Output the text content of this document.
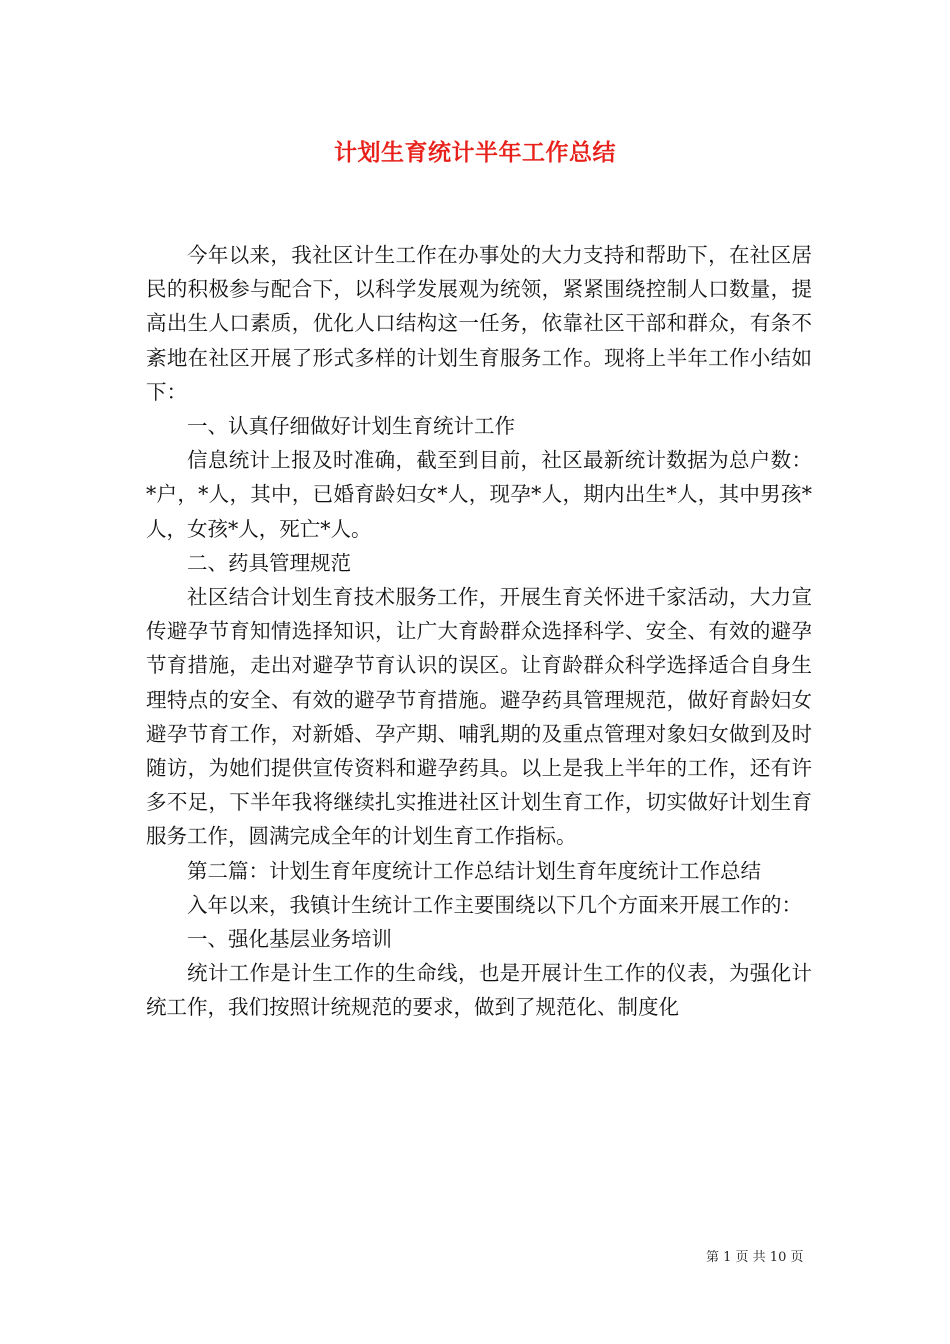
计划生育统计半年工作总结

今年以来，我社区计生工作在办事处的大力支持和帮助下，在社区居民的积极参与配合下，以科学发展观为统领，紧紧围绕控制人口数量，提高出生人口素质，优化人口结构这一任务，依靠社区干部和群众，有条不紊地在社区开展了形式多样的计划生育服务工作。现将上半年工作小结如下：

一、认真仔细做好计划生育统计工作

信息统计上报及时准确，截至到目前，社区最新统计数据为总户数：*户，*人，其中，已婚育龄妇女*人，现孕*人，期内出生*人，其中男孩*人，女孩*人，死亡*人。

二、药具管理规范

社区结合计划生育技术服务工作，开展生育关怀进千家活动，大力宣传避孕节育知情选择知识，让广大育龄群众选择科学、安全、有效的避孕节育措施，走出对避孕节育认识的误区。让育龄群众科学选择适合自身生理特点的安全、有效的避孕节育措施。避孕药具管理规范，做好育龄妇女避孕节育工作，对新婚、孕产期、哺乳期的及重点管理对象妇女做到及时随访，为她们提供宣传资料和避孕药具。以上是我上半年的工作，还有许多不足，下半年我将继续扎实推进社区计划生育工作，切实做好计划生育服务工作，圆满完成全年的计划生育工作指标。

第二篇：计划生育年度统计工作总结计划生育年度统计工作总结

入年以来，我镇计生统计工作主要围绕以下几个方面来开展工作的：

一、强化基层业务培训

统计工作是计生工作的生命线，也是开展计生工作的仪表，为强化计统工作，我们按照计统规范的要求，做到了规范化、制度化

第 1 页 共 10 页
